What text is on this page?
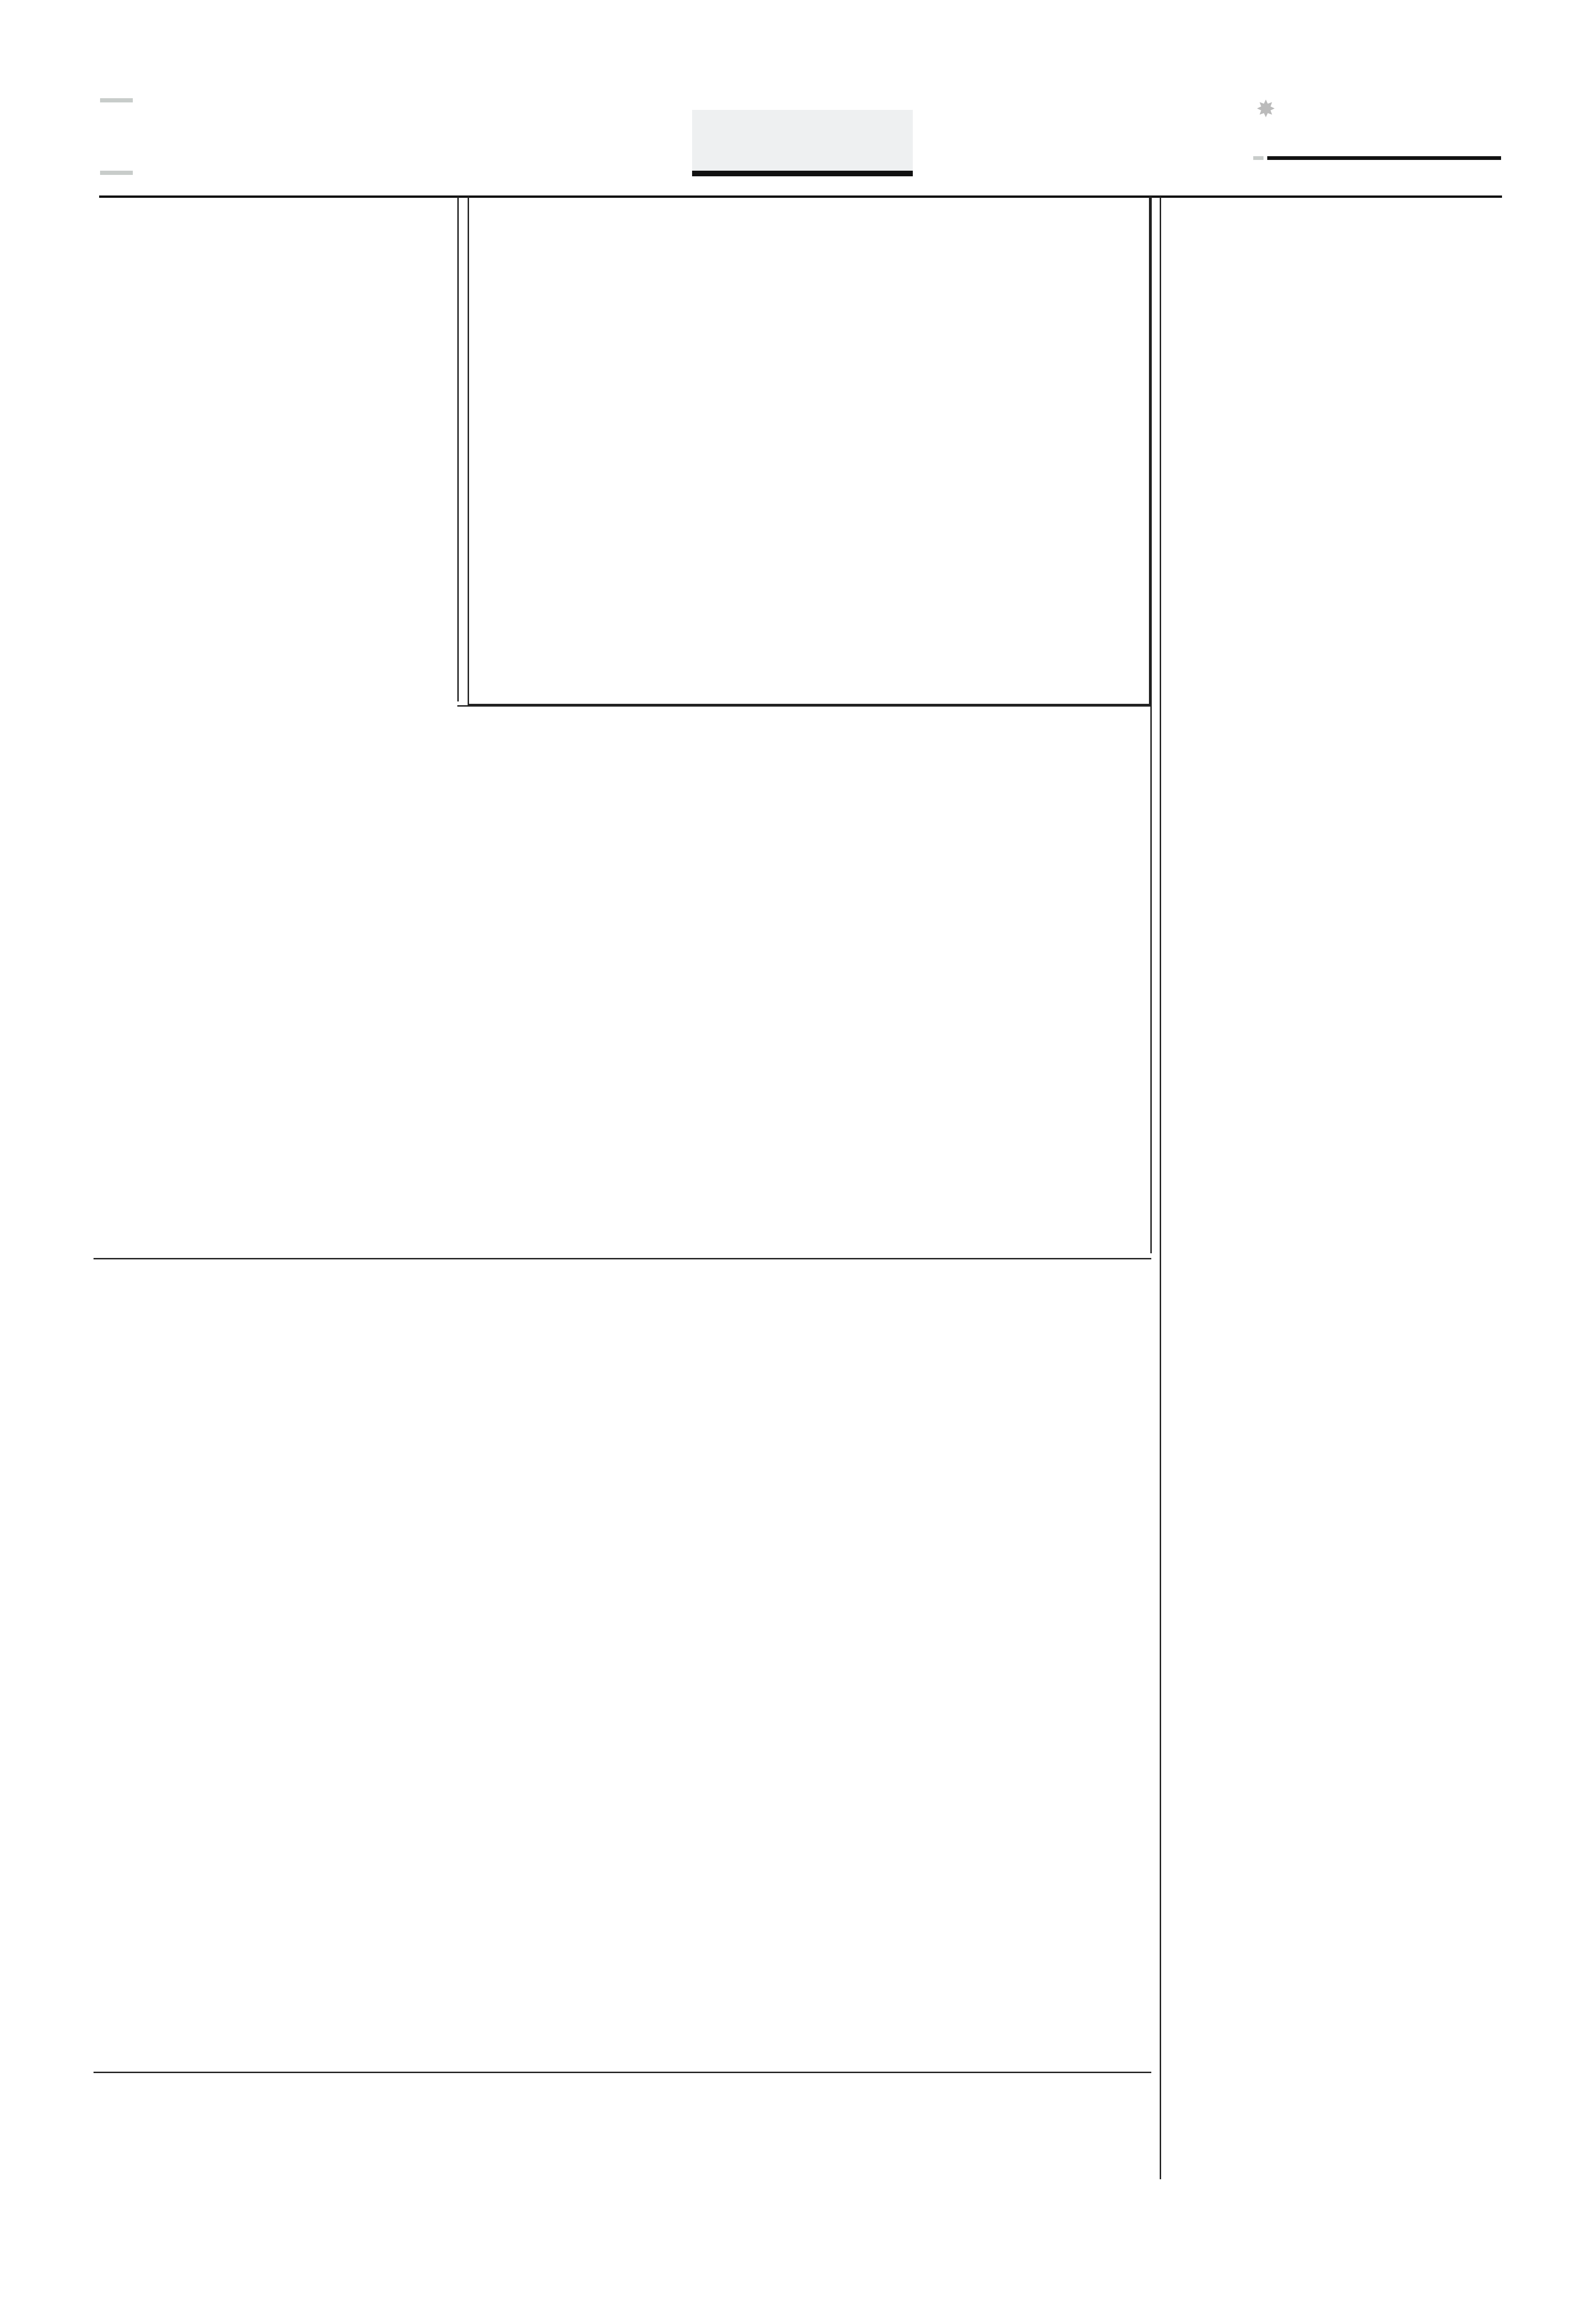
✸
